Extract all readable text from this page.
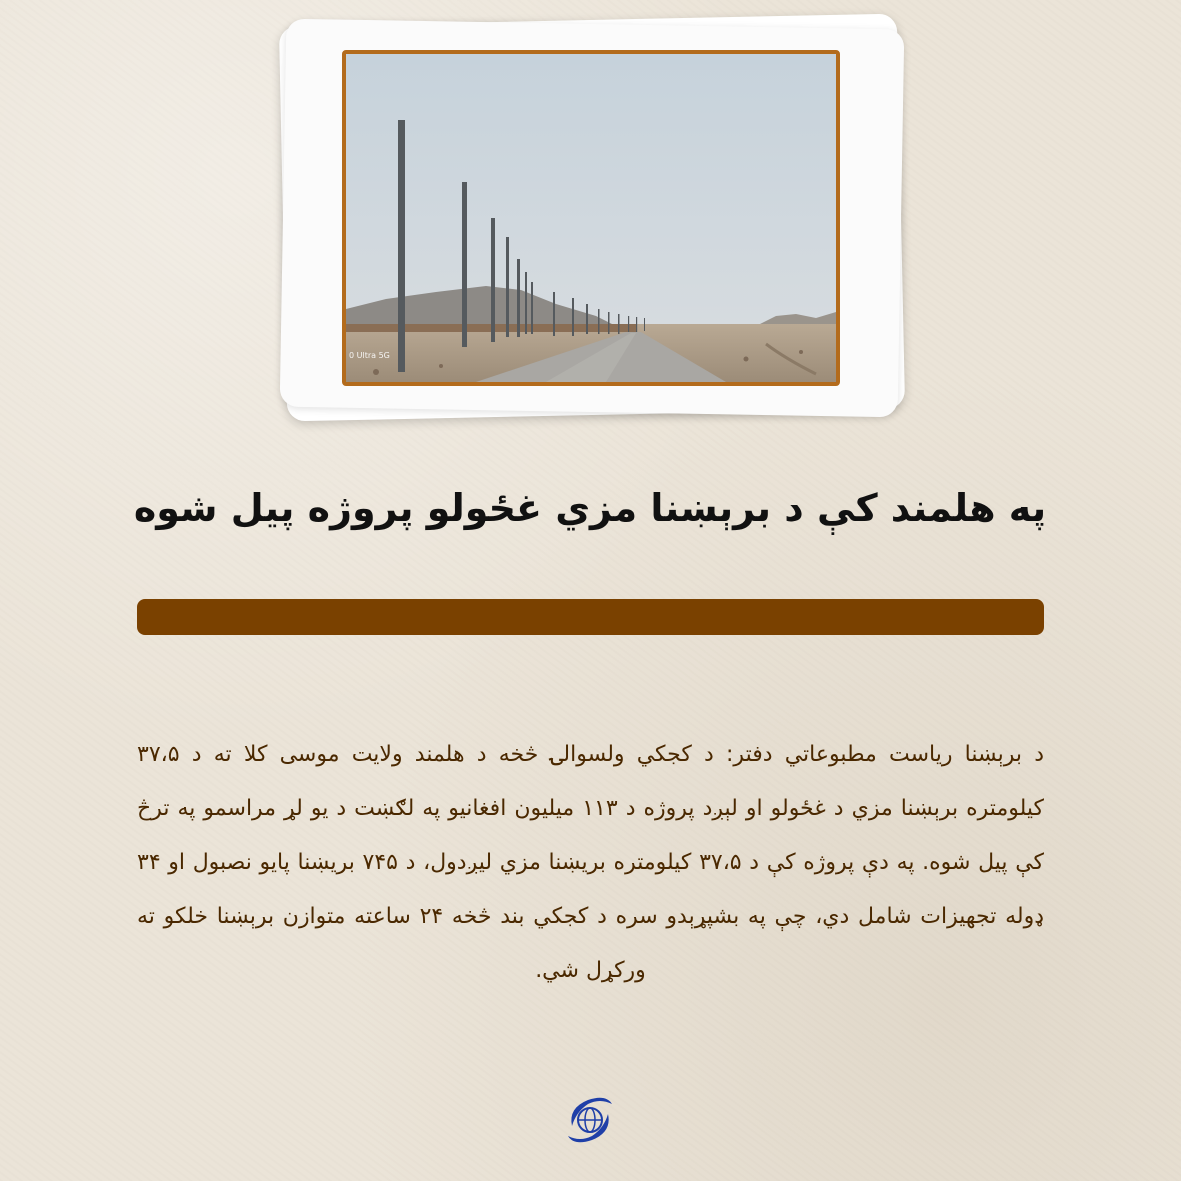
0 Ultra 5G
په هلمند کې د برېښنا مزي غځولو پروژه پيل شوه
د برېښنا رياست مطبوعاتي دفتر: د کجکي ولسوالۍ څخه د هلمند ولايت موسی کلا ته د ۳۷،۵ کيلومتره برېښنا مزي د غځولو او لېږد پروژه د ۱۱۳ ميليون افغانيو په لګښت د يو لړ مراسمو په ترڅ کې پيل شوه. په دې پروژه کې د ۳۷،۵ کيلومتره بريښنا مزي ليږدول، د ۷۴۵ بريښنا پايو نصبول او ۳۴ ډوله تجهيزات شامل دي، چې په بشپړېدو سره د کجکي بند څخه ۲۴ ساعته متوازن برېښنا خلکو ته ورکړل شي.
